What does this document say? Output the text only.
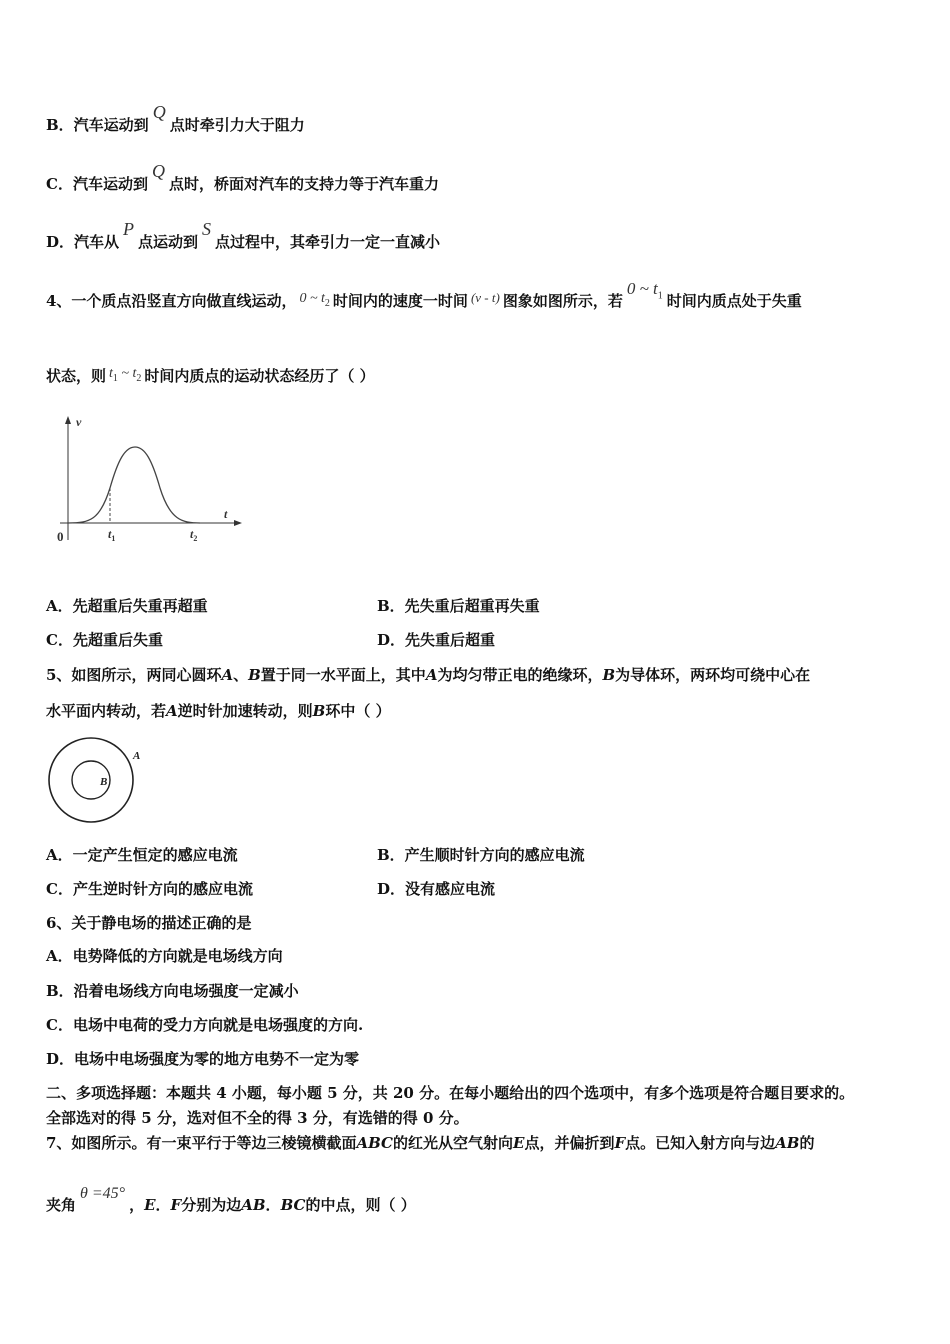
B．汽车运动到Q点时牵引力大于阻力
C．汽车运动到Q点时，桥面对汽车的支持力等于汽车重力
D．汽车从P点运动到S点过程中，其牵引力一定一直减小
4、一个质点沿竖直方向做直线运动， 0 ~ $t_2$ 时间内的速度一时间 (v - t) 图象如图所示，若0 ~ $t_1$ 时间内质点处于失重
状态，则 $t_1$ ~ $t_2$ 时间内质点的运动状态经历了（ ）
v
t
0	$t_1$	$t_2$
A．先超重后失重再超重	B．先失重后超重再失重
C．先超重后失重	D．先失重后超重
5、如图所示，两同心圆环A、B置于同一水平面上，其中A为均匀带正电的绝缘环，B为导体环，两环均可绕中心在
水平面内转动，若A逆时针加速转动，则B环中（ ）
A
B
A．一定产生恒定的感应电流	B．产生顺时针方向的感应电流
C．产生逆时针方向的感应电流	D．没有感应电流
6、关于静电场的描述正确的是
A．电势降低的方向就是电场线方向
B．沿着电场线方向电场强度一定减小
C．电场中电荷的受力方向就是电场强度的方向.
D．电场中电场强度为零的地方电势不一定为零
二、多项选择题：本题共 4 小题，每小题 5 分，共 20 分。在每小题给出的四个选项中，有多个选项是符合题目要求的。
全部选对的得 5 分，选对但不全的得 3 分，有选错的得 0 分。
7、如图所示。有一束平行于等边三棱镜横截面ABC的红光从空气射向E点，并偏折到F点。已知入射方向与边AB的
夹角θ =45°，E．F分别为边AB．BC的中点，则（ ）
